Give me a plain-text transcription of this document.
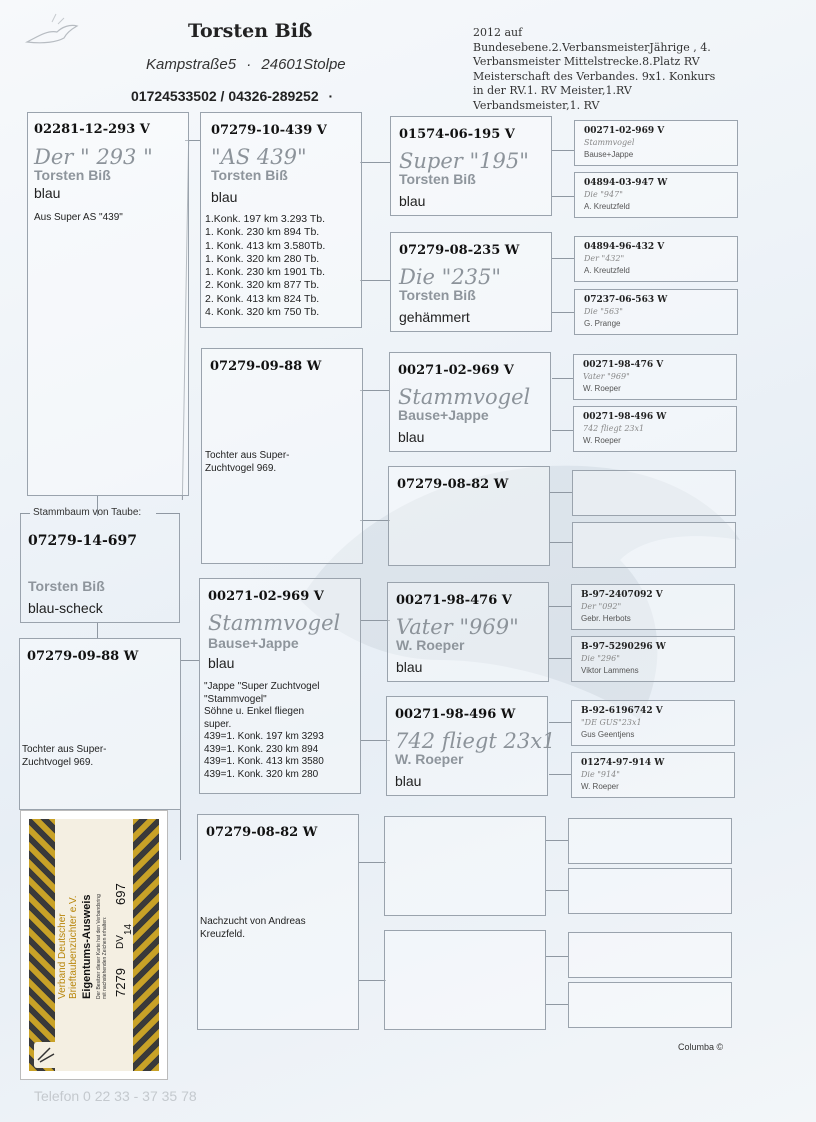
Torsten Biß
Kampstraße5 · 24601Stolpe
01724533502 / 04326-289252 ·
2012 auf
Bundesebene.2.VerbansmeisterJährige , 4.
Verbansmeister Mittelstrecke.8.Platz RV
Meisterschaft des Verbandes. 9x1. Konkurs
in der RV.1. RV Meister,1.RV
Verbandsmeister,1. RV
02281-12-293 V
Der " 293 "
Torsten Biß
blau
Aus Super AS "439"
Stammbaum von Taube:
07279-14-697
Torsten Biß
blau-scheck
07279-09-88 W
Tochter aus Super-
Zuchtvogel 969.
07279-10-439 V
"AS 439"
Torsten Biß
blau
1.Konk. 197 km 3.293 Tb.
1. Konk. 230 km 894 Tb.
1. Konk. 413 km 3.580Tb.
1. Konk. 320 km 280 Tb.
1. Konk. 230 km 1901 Tb.
2. Konk. 320 km 877 Tb.
2. Konk. 413 km 824 Tb.
4. Konk. 320 km 750 Tb.
07279-09-88 W
Tochter aus Super-
Zuchtvogel 969.
00271-02-969 V
Stammvogel
Bause+Jappe
blau
"Jappe "Super Zuchtvogel
"Stammvogel"
Söhne u. Enkel fliegen
super.
439=1. Konk. 197 km 3293
439=1. Konk. 230 km 894
439=1. Konk. 413 km 3580
439=1. Konk. 320 km 280
07279-08-82 W
Nachzucht von Andreas
Kreuzfeld.
01574-06-195 V
Super "195"
Torsten Biß
blau
07279-08-235 W
Die "235"
Torsten Biß
gehämmert
00271-02-969 V
Stammvogel
Bause+Jappe
blau
07279-08-82 W
00271-98-476 V
Vater "969"
W. Roeper
blau
00271-98-496 W
742 fliegt 23x1
W. Roeper
blau
00271-02-969 V
Stammvogel
Bause+Jappe
04894-03-947 W
Die "947"
A. Kreutzfeld
04894-96-432 V
Der "432"
A. Kreutzfeld
07237-06-563 W
Die "563"
G. Prange
00271-98-476 V
Vater "969"
W. Roeper
00271-98-496 W
742 fliegt 23x1
W. Roeper
B-97-2407092 V
Der "092"
Gebr. Herbots
B-97-5290296 W
Die "296"
Viktor Lammens
B-92-6196742 V
"DE GUS"23x1
Gus Geentjens
01274-97-914 W
Die "914"
W. Roeper
Verband Deutscher Brieftaubenzüchter e.V. Eigentums-Ausweis Der Besitzer dieser Karte hat den Verbandsring mit nachstehenden Zeichen erhalten: 7279
DV
14
697
Columba ©
Telefon 0 22 33 - 37 35 78
